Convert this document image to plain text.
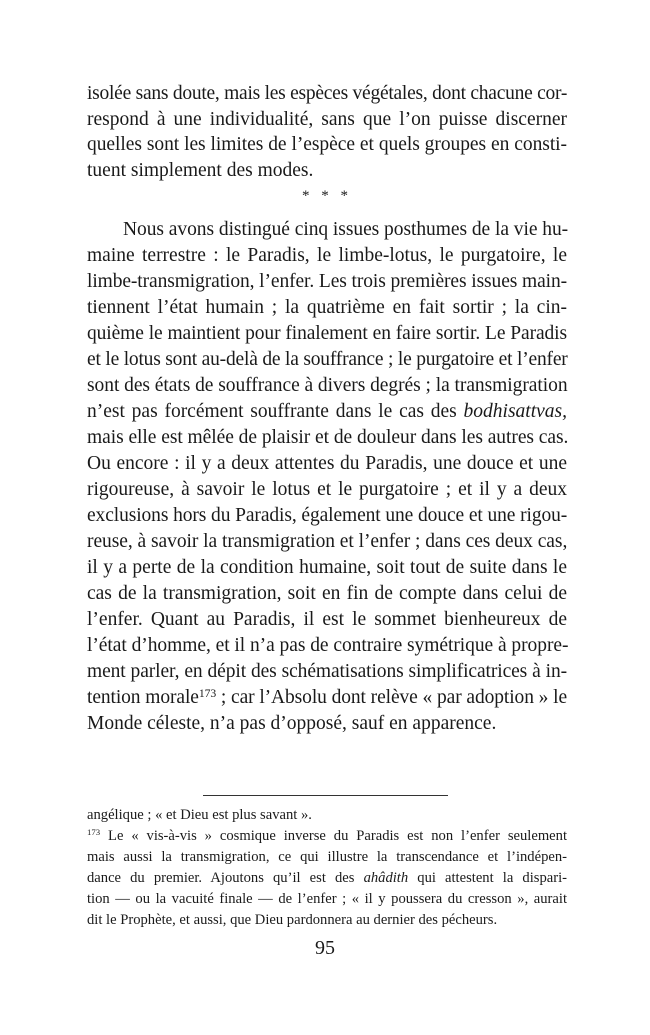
isolée sans doute, mais les espèces végétales, dont chacune cor-
respond à une individualité, sans que l’on puisse discerner
quelles sont les limites de l’espèce et quels groupes en consti-
tuent simplement des modes.
* * *
Nous avons distingué cinq issues posthumes de la vie hu-
maine terrestre : le Paradis, le limbe-lotus, le purgatoire, le
limbe-transmigration, l’enfer. Les trois premières issues main-
tiennent l’état humain ; la quatrième en fait sortir ; la cin-
quième le maintient pour finalement en faire sortir. Le Paradis
et le lotus sont au-delà de la souffrance ; le purgatoire et l’enfer
sont des états de souffrance à divers degrés ; la transmigration
n’est pas forcément souffrante dans le cas des bodhisattvas,
mais elle est mêlée de plaisir et de douleur dans les autres cas.
Ou encore : il y a deux attentes du Paradis, une douce et une
rigoureuse, à savoir le lotus et le purgatoire ; et il y a deux
exclusions hors du Paradis, également une douce et une rigou-
reuse, à savoir la transmigration et l’enfer ; dans ces deux cas,
il y a perte de la condition humaine, soit tout de suite dans le
cas de la transmigration, soit en fin de compte dans celui de
l’enfer. Quant au Paradis, il est le sommet bienheureux de
l’état d’homme, et il n’a pas de contraire symétrique à propre-
ment parler, en dépit des schématisations simplificatrices à in-
tention morale$^{173}$ ; car l’Absolu dont relève « par adoption » le
Monde céleste, n’a pas d’opposé, sauf en apparence.
angélique ; « et Dieu est plus savant ».
$^{173}$ Le « vis-à-vis » cosmique inverse du Paradis est non l’enfer seulement
mais aussi la transmigration, ce qui illustre la transcendance et l’indépen-
dance du premier. Ajoutons qu’il est des ahâdith qui attestent la dispari-
tion — ou la vacuité finale — de l’enfer ; « il y poussera du cresson », aurait
dit le Prophète, et aussi, que Dieu pardonnera au dernier des pécheurs.
95
